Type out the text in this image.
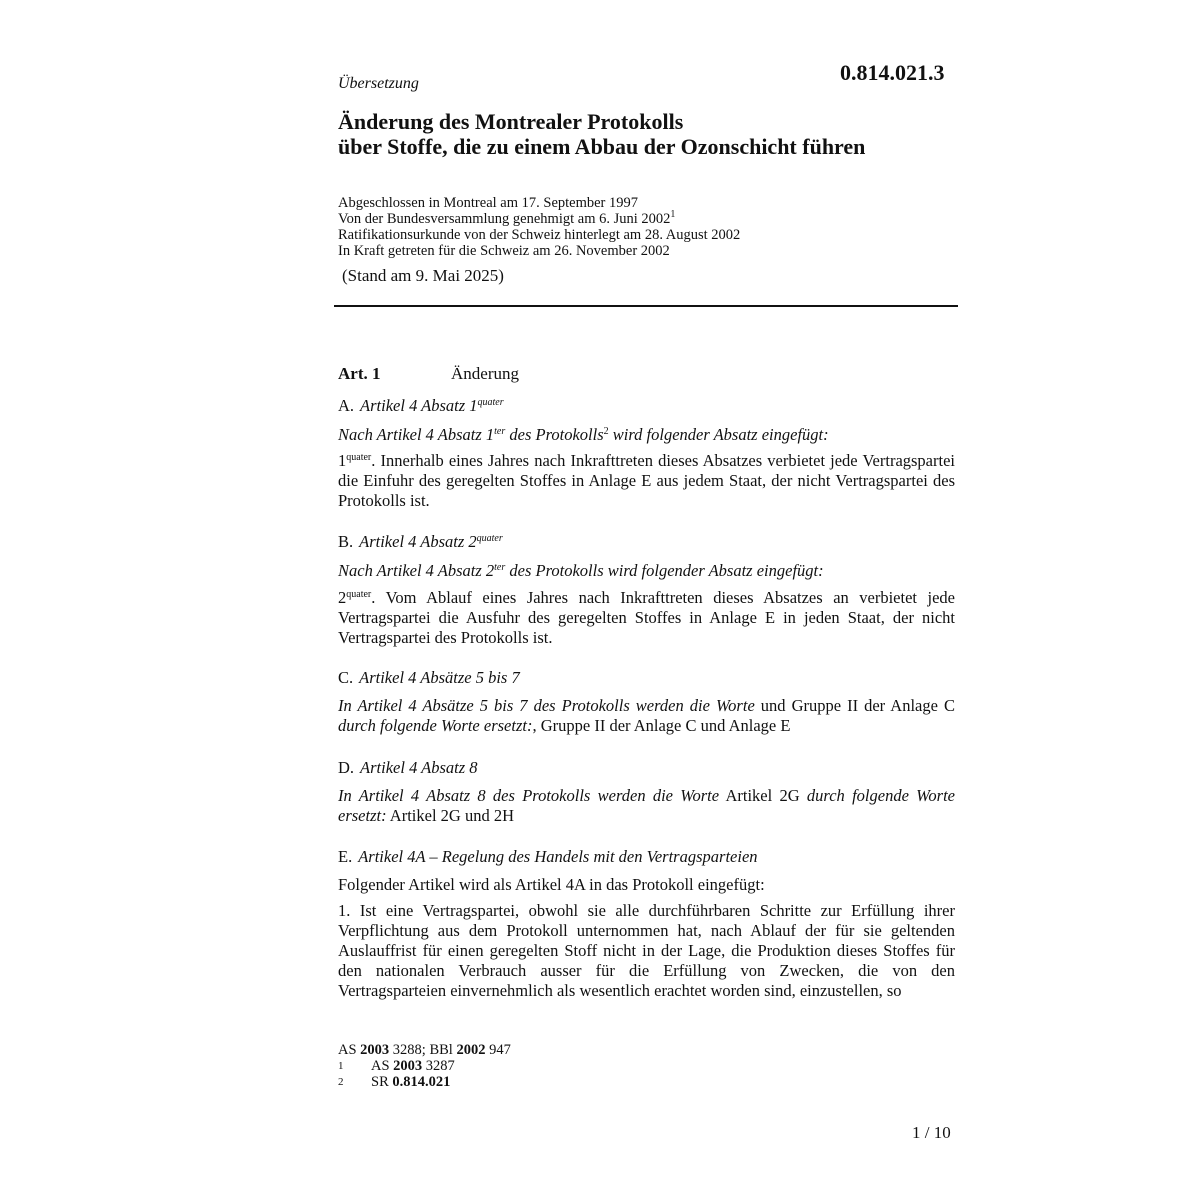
0.814.021.3
Übersetzung
Änderung des Montrealer Protokolls
über Stoffe, die zu einem Abbau der Ozonschicht führen
Abgeschlossen in Montreal am 17. September 1997
Von der Bundesversammlung genehmigt am 6. Juni 2002$^1$
Ratifikationsurkunde von der Schweiz hinterlegt am 28. August 2002
In Kraft getreten für die Schweiz am 26. November 2002
(Stand am 9. Mai 2025)
Art. 1	Änderung
A. Artikel 4 Absatz $1^{quater}$
Nach Artikel 4 Absatz $1^{ter}$ des Protokolls$^2$ wird folgender Absatz eingefügt:
$1^{quater}$. Innerhalb eines Jahres nach Inkrafttreten dieses Absatzes verbietet jede Vertragspartei die Einfuhr des geregelten Stoffes in Anlage E aus jedem Staat, der nicht Vertragspartei des Protokolls ist.
B. Artikel 4 Absatz $2^{quater}$
Nach Artikel 4 Absatz $2^{ter}$ des Protokolls wird folgender Absatz eingefügt:
$2^{quater}$. Vom Ablauf eines Jahres nach Inkrafttreten dieses Absatzes an verbietet jede Vertragspartei die Ausfuhr des geregelten Stoffes in Anlage E in jeden Staat, der nicht Vertragspartei des Protokolls ist.
C. Artikel 4 Absätze 5 bis 7
In Artikel 4 Absätze 5 bis 7 des Protokolls werden die Worte und Gruppe II der Anlage C durch folgende Worte ersetzt:, Gruppe II der Anlage C und Anlage E
D. Artikel 4 Absatz 8
In Artikel 4 Absatz 8 des Protokolls werden die Worte Artikel 2G durch folgende Worte ersetzt: Artikel 2G und 2H
E. Artikel 4A – Regelung des Handels mit den Vertragsparteien
Folgender Artikel wird als Artikel 4A in das Protokoll eingefügt:
1. Ist eine Vertragspartei, obwohl sie alle durchführbaren Schritte zur Erfüllung ihrer Verpflichtung aus dem Protokoll unternommen hat, nach Ablauf der für sie geltenden Auslauffrist für einen geregelten Stoff nicht in der Lage, die Produktion dieses Stoffes für den nationalen Verbrauch ausser für die Erfüllung von Zwecken, die von den Vertragsparteien einvernehmlich als wesentlich erachtet worden sind, einzustellen, so
AS 2003 3288; BBl 2002 947
1	AS 2003 3287
2	SR 0.814.021
1 / 10
